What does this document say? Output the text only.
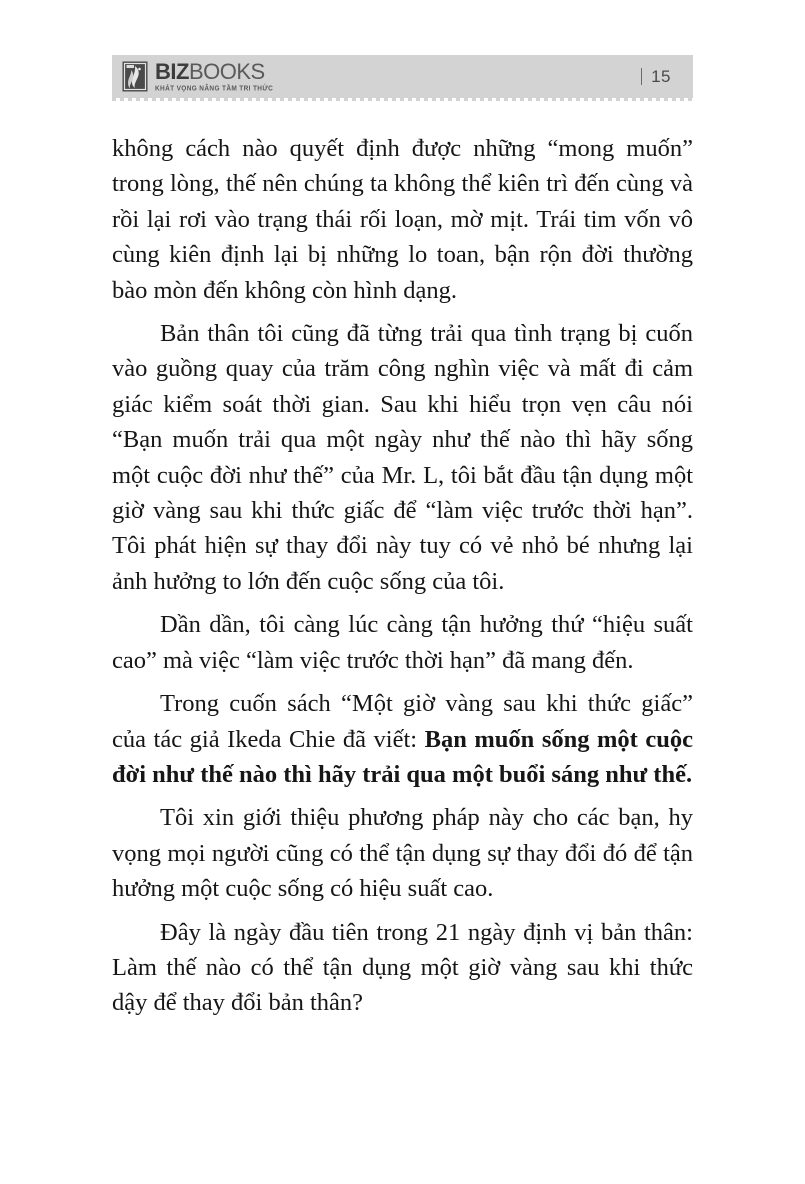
BIZBOOKS
KHÁT VỌNG NÂNG TẦM TRI THỨC
15

không cách nào quyết định được những “mong muốn” trong lòng, thế nên chúng ta không thể kiên trì đến cùng và rồi lại rơi vào trạng thái rối loạn, mờ mịt. Trái tim vốn vô cùng kiên định lại bị những lo toan, bận rộn đời thường bào mòn đến không còn hình dạng.

Bản thân tôi cũng đã từng trải qua tình trạng bị cuốn vào guồng quay của trăm công nghìn việc và mất đi cảm giác kiểm soát thời gian. Sau khi hiểu trọn vẹn câu nói “Bạn muốn trải qua một ngày như thế nào thì hãy sống một cuộc đời như thế” của Mr. L, tôi bắt đầu tận dụng một giờ vàng sau khi thức giấc để “làm việc trước thời hạn”. Tôi phát hiện sự thay đổi này tuy có vẻ nhỏ bé nhưng lại ảnh hưởng to lớn đến cuộc sống của tôi.

Dần dần, tôi càng lúc càng tận hưởng thứ “hiệu suất cao” mà việc “làm việc trước thời hạn” đã mang đến.

Trong cuốn sách “Một giờ vàng sau khi thức giấc” của tác giả Ikeda Chie đã viết: Bạn muốn sống một cuộc đời như thế nào thì hãy trải qua một buổi sáng như thế.

Tôi xin giới thiệu phương pháp này cho các bạn, hy vọng mọi người cũng có thể tận dụng sự thay đổi đó để tận hưởng một cuộc sống có hiệu suất cao.

Đây là ngày đầu tiên trong 21 ngày định vị bản thân: Làm thế nào có thể tận dụng một giờ vàng sau khi thức dậy để thay đổi bản thân?
